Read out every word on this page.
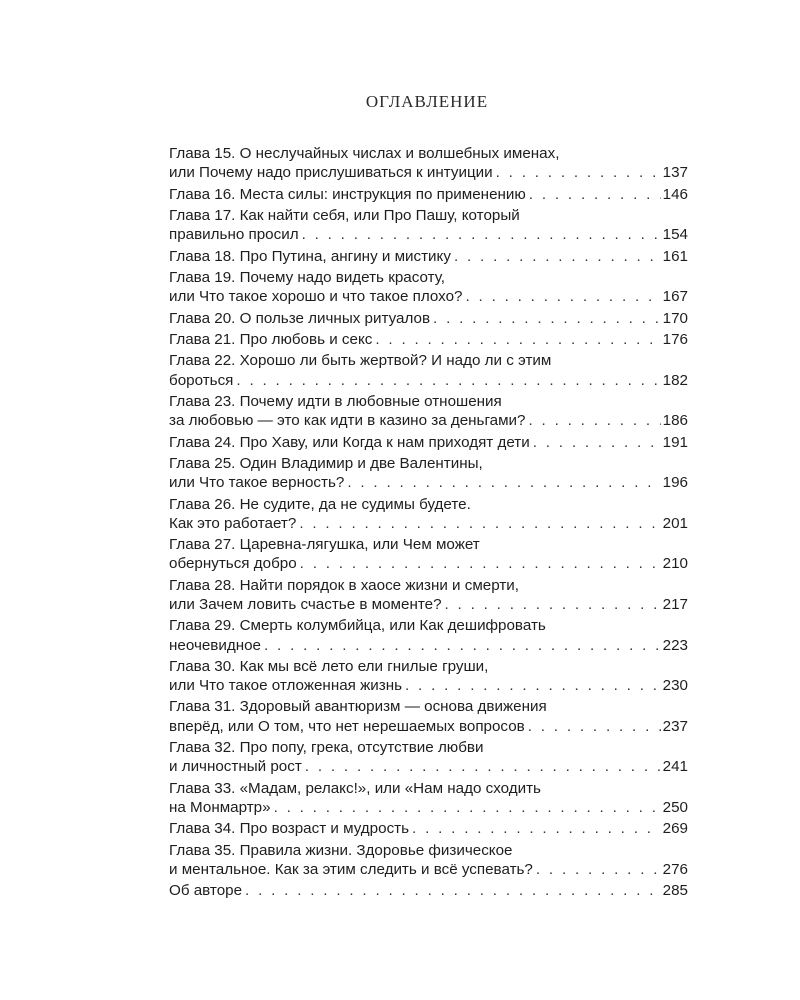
ОГЛАВЛЕНИЕ
Глава 15. О неслучайных числах и волшебных именах,
или Почему надо прислушиваться к интуиции . . .	137
Глава 16. Места силы: инструкция по применению . . .	146
Глава 17. Как найти себя, или Про Пашу, который
правильно просил . . .	154
Глава 18. Про Путина, ангину и мистику . . .	161
Глава 19. Почему надо видеть красоту,
или Что такое хорошо и что такое плохо? . . .	167
Глава 20. О пользе личных ритуалов . . .	170
Глава 21. Про любовь и секс . . .	176
Глава 22. Хорошо ли быть жертвой? И надо ли с этим
бороться . . .	182
Глава 23. Почему идти в любовные отношения
за любовью — это как идти в казино за деньгами? . . .	186
Глава 24. Про Хаву, или Когда к нам приходят дети . . .	191
Глава 25. Один Владимир и две Валентины,
или Что такое верность? . . .	196
Глава 26. Не судите, да не судимы будете.
Как это работает? . . .	201
Глава 27. Царевна-лягушка, или Чем может
обернуться добро . . .	210
Глава 28. Найти порядок в хаосе жизни и смерти,
или Зачем ловить счастье в моменте? . . .	217
Глава 29. Смерть колумбийца, или Как дешифровать
неочевидное . . .	223
Глава 30. Как мы всё лето ели гнилые груши,
или Что такое отложенная жизнь . . .	230
Глава 31. Здоровый авантюризм — основа движения
вперёд, или О том, что нет нерешаемых вопросов . . .	237
Глава 32. Про попу, грека, отсутствие любви
и личностный рост . . .	241
Глава 33. «Мадам, релакс!», или «Нам надо сходить
на Монмартр» . . .	250
Глава 34. Про возраст и мудрость . . .	269
Глава 35. Правила жизни. Здоровье физическое
и ментальное. Как за этим следить и всё успевать? . . .	276
Об авторе . . .	285
